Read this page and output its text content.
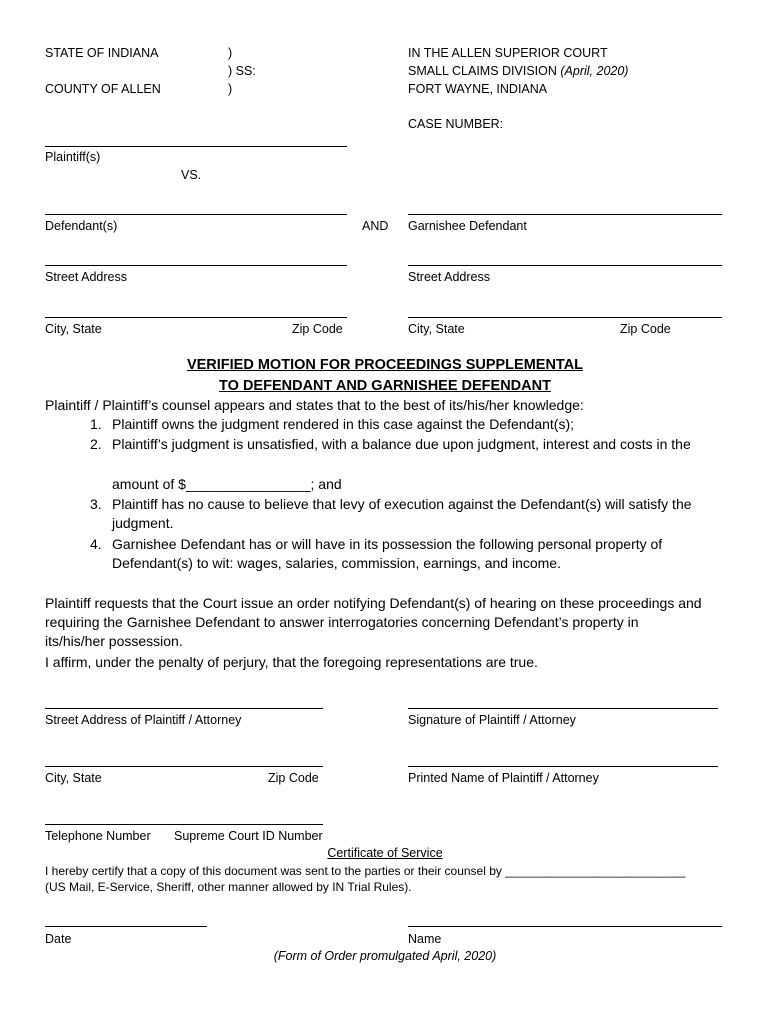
STATE OF INDIANA
COUNTY OF ALLEN
)
) SS:
)
IN THE ALLEN SUPERIOR COURT
SMALL CLAIMS DIVISION (April, 2020)
FORT WAYNE, INDIANA
CASE NUMBER:
Plaintiff(s)
VS.
Defendant(s)	AND Garnishee Defendant
Street Address	Street Address
City, State	Zip Code	City, State	Zip Code
VERIFIED MOTION FOR PROCEEDINGS SUPPLEMENTAL
TO DEFENDANT AND GARNISHEE DEFENDANT
Plaintiff / Plaintiff’s counsel appears and states that to the best of its/his/her knowledge:
1. Plaintiff owns the judgment rendered in this case against the Defendant(s);
2. Plaintiff’s judgment is unsatisfied, with a balance due upon judgment, interest and costs in the
amount of $________________; and
3. Plaintiff has no cause to believe that levy of execution against the Defendant(s) will satisfy the
judgment.
4. Garnishee Defendant has or will have in its possession the following personal property of
Defendant(s) to wit: wages, salaries, commission, earnings, and income.
Plaintiff requests that the Court issue an order notifying Defendant(s) of hearing on these proceedings and
requiring the Garnishee Defendant to answer interrogatories concerning Defendant’s property in
its/his/her possession.
I affirm, under the penalty of perjury, that the foregoing representations are true.
Street Address of Plaintiff / Attorney	Signature of Plaintiff / Attorney
City, State	Zip Code	Printed Name of Plaintiff / Attorney
Telephone Number Supreme Court ID Number
Certificate of Service
I hereby certify that a copy of this document was sent to the parties or their counsel by ___________________________
(US Mail, E-Service, Sheriff, other manner allowed by IN Trial Rules).
Date	Name
(Form of Order promulgated April, 2020)
